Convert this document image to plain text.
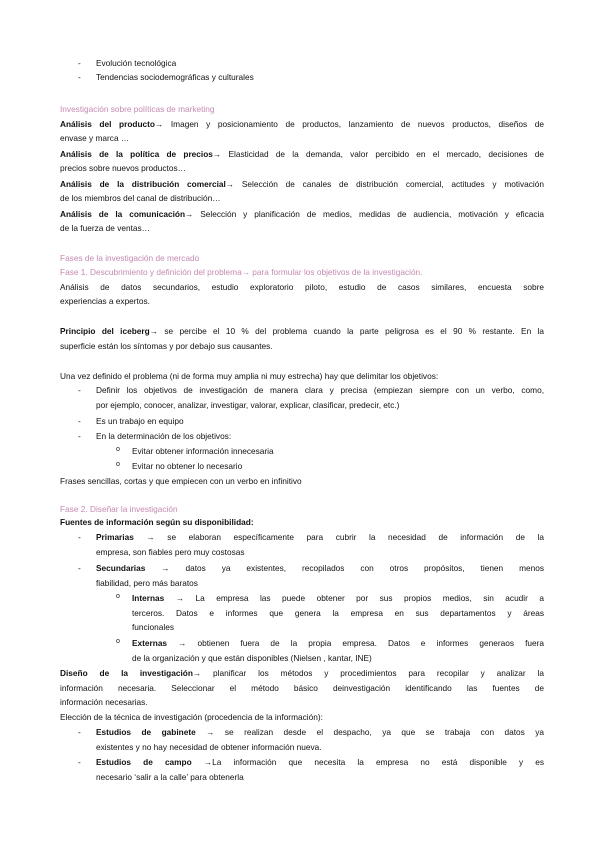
- Evolución tecnológica
- Tendencias sociodemográficas y culturales
Investigación sobre políticas de marketing
Análisis del producto→ Imagen y posicionamiento de productos, lanzamiento de nuevos productos, diseños de
envase y marca …
Análisis de la política de precios→ Elasticidad de la demanda, valor percibido en el mercado, decisiones de
precios sobre nuevos productos…
Análisis de la distribución comercial→ Selección de canales de distribución comercial, actitudes y motivación
de los miembros del canal de distribución…
Análisis de la comunicación→ Selección y planificación de medios, medidas de audiencia, motivación y eficacia
de la fuerza de ventas…
Fases de la investigación de mercado
Fase 1. Descubrimiento y definición del problema→ para formular los objetivos de la investigación.
Análisis de datos secundarios, estudio exploratorio piloto, estudio de casos similares, encuesta sobre
experiencias a expertos.
Principio del iceberg→ se percibe el 10 % del problema cuando la parte peligrosa es el 90 % restante. En la
superficie están los síntomas y por debajo sus causantes.
Una vez definido el problema (ni de forma muy amplia ni muy estrecha) hay que delimitar los objetivos:
- Definir los objetivos de investigación de manera clara y precisa (empiezan siempre con un verbo, como,
por ejemplo, conocer, analizar, investigar, valorar, explicar, clasificar, predecir, etc.)
- Es un trabajo en equipo
- En la determinación de los objetivos:
o Evitar obtener información innecesaria
o Evitar no obtener lo necesario
Frases sencillas, cortas y que empiecen con un verbo en infinitivo
Fase 2. Diseñar la investigación
Fuentes de información según su disponibilidad:
- Primarias → se elaboran específicamente para cubrir la necesidad de información de la
empresa, son fiables pero muy costosas
- Secundarias → datos ya existentes, recopilados con otros propósitos, tienen menos
fiabilidad, pero más baratos
o Internas → La empresa las puede obtener por sus propios medios, sin acudir a
terceros. Datos e informes que genera la empresa en sus departamentos y áreas
funcionales
o Externas → obtienen fuera de la propia empresa. Datos e informes generaos fuera
de la organización y que están disponibles (Nielsen , kantar, INE)
Diseño de la investigación→ planificar los métodos y procedimientos para recopilar y analizar la
información necesaria. Seleccionar el método básico deinvestigación identificando las fuentes de
información necesarias.
Elección de la técnica de investigación (procedencia de la información):
- Estudios de gabinete → se realizan desde el despacho, ya que se trabaja con datos ya
existentes y no hay necesidad de obtener información nueva.
- Estudios de campo →La información que necesita la empresa no está disponible y es
necesario ‘salir a la calle’ para obtenerla
